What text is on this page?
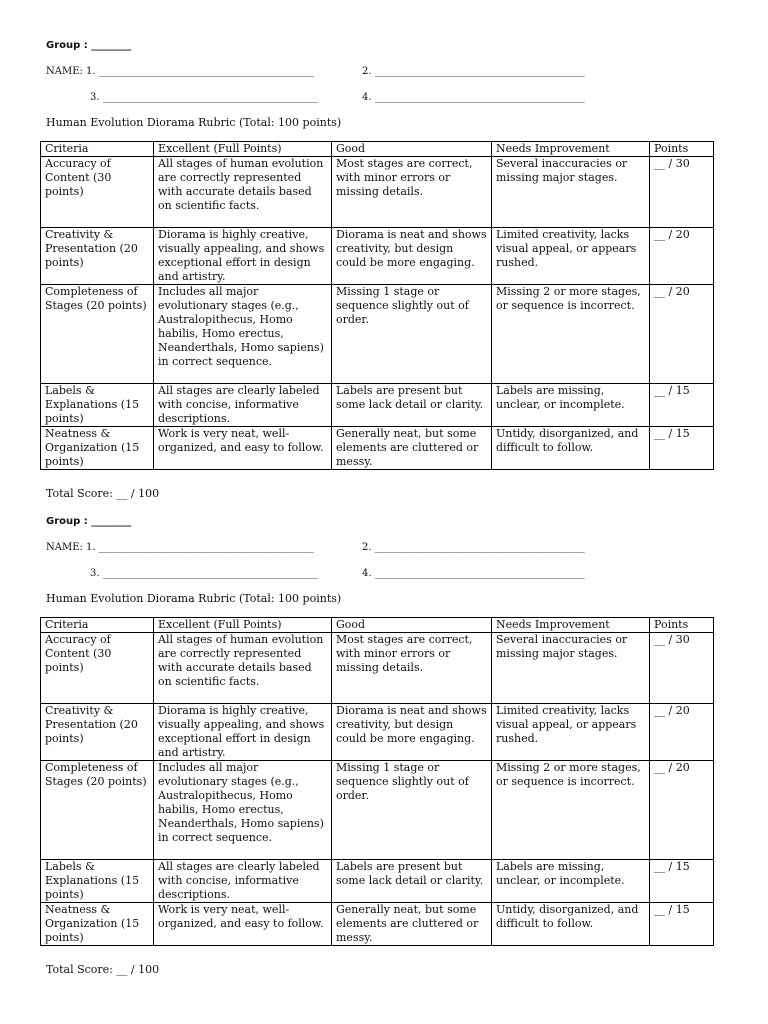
Group : ________
NAME: 1. ___________________________________________	2. __________________________________________
3. ___________________________________________	4. __________________________________________
Human Evolution Diorama Rubric (Total: 100 points)
Criteria	Excellent (Full Points)	Good	Needs Improvement	Points
Accuracy of Content (30 points)	All stages of human evolution are correctly represented with accurate details based on scientific facts.	Most stages are correct, with minor errors or missing details.	Several inaccuracies or missing major stages.	__ / 30
Creativity & Presentation (20 points)	Diorama is highly creative, visually appealing, and shows exceptional effort in design and artistry.	Diorama is neat and shows creativity, but design could be more engaging.	Limited creativity, lacks visual appeal, or appears rushed.	__ / 20
Completeness of Stages (20 points)	Includes all major evolutionary stages (e.g., Australopithecus, Homo habilis, Homo erectus, Neanderthals, Homo sapiens) in correct sequence.	Missing 1 stage or sequence slightly out of order.	Missing 2 or more stages, or sequence is incorrect.	__ / 20
Labels & Explanations (15 points)	All stages are clearly labeled with concise, informative descriptions.	Labels are present but some lack detail or clarity.	Labels are missing, unclear, or incomplete.	__ / 15
Neatness & Organization (15 points)	Work is very neat, well-organized, and easy to follow.	Generally neat, but some elements are cluttered or messy.	Untidy, disorganized, and difficult to follow.	__ / 15
Total Score: __ / 100
Group : ________
NAME: 1. ___________________________________________	2. __________________________________________
3. ___________________________________________	4. __________________________________________
Human Evolution Diorama Rubric (Total: 100 points)
Criteria	Excellent (Full Points)	Good	Needs Improvement	Points
Accuracy of Content (30 points)	All stages of human evolution are correctly represented with accurate details based on scientific facts.	Most stages are correct, with minor errors or missing details.	Several inaccuracies or missing major stages.	__ / 30
Creativity & Presentation (20 points)	Diorama is highly creative, visually appealing, and shows exceptional effort in design and artistry.	Diorama is neat and shows creativity, but design could be more engaging.	Limited creativity, lacks visual appeal, or appears rushed.	__ / 20
Completeness of Stages (20 points)	Includes all major evolutionary stages (e.g., Australopithecus, Homo habilis, Homo erectus, Neanderthals, Homo sapiens) in correct sequence.	Missing 1 stage or sequence slightly out of order.	Missing 2 or more stages, or sequence is incorrect.	__ / 20
Labels & Explanations (15 points)	All stages are clearly labeled with concise, informative descriptions.	Labels are present but some lack detail or clarity.	Labels are missing, unclear, or incomplete.	__ / 15
Neatness & Organization (15 points)	Work is very neat, well-organized, and easy to follow.	Generally neat, but some elements are cluttered or messy.	Untidy, disorganized, and difficult to follow.	__ / 15
Total Score: __ / 100
